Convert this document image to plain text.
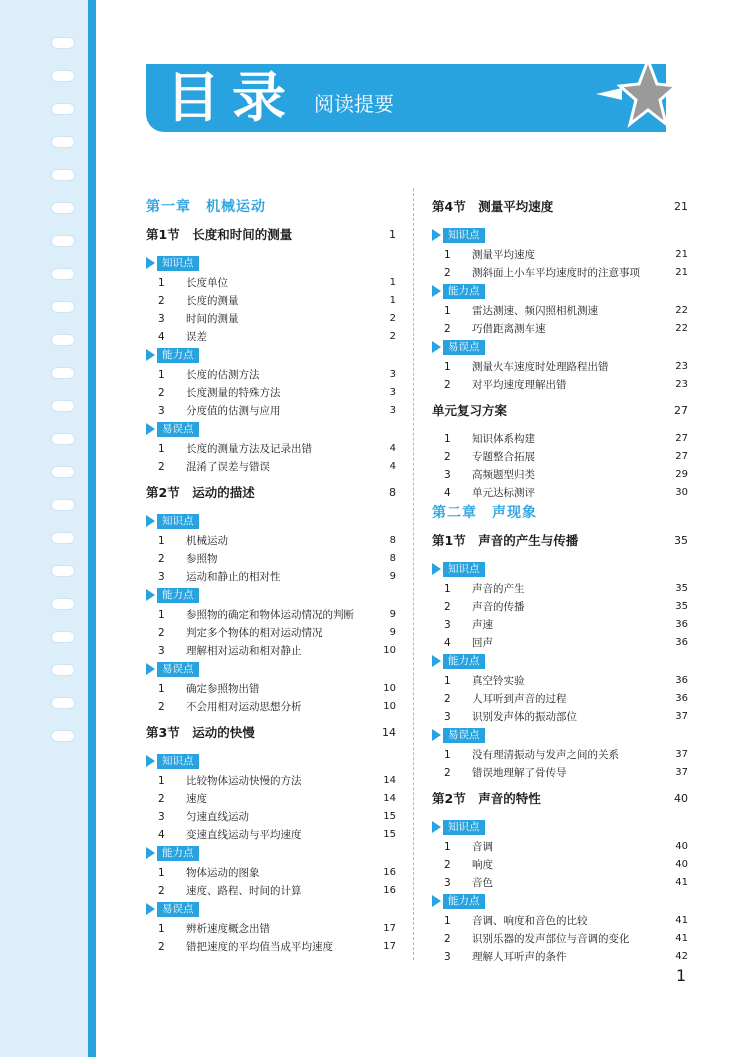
目录 阅读提要
第一章　机械运动
第1节　长度和时间的测量	1
知识点
1	长度单位	1
2	长度的测量	1
3	时间的测量	2
4	误差	2
能力点
1	长度的估测方法	3
2	长度测量的特殊方法	3
3	分度值的估测与应用	3
易误点
1	长度的测量方法及记录出错	4
2	混淆了误差与错误	4
第2节　运动的描述	8
知识点
1	机械运动	8
2	参照物	8
3	运动和静止的相对性	9
能力点
1	参照物的确定和物体运动情况的判断	9
2	判定多个物体的相对运动情况	9
3	理解相对运动和相对静止	10
易误点
1	确定参照物出错	10
2	不会用相对运动思想分析	10
第3节　运动的快慢	14
知识点
1	比较物体运动快慢的方法	14
2	速度	14
3	匀速直线运动	15
4	变速直线运动与平均速度	15
能力点
1	物体运动的图象	16
2	速度、路程、时间的计算	16
易误点
1	辨析速度概念出错	17
2	错把速度的平均值当成平均速度	17
第4节　测量平均速度	21
知识点
1	测量平均速度	21
2	测斜面上小车平均速度时的注意事项	21
能力点
1	雷达测速、频闪照相机测速	22
2	巧借距离测车速	22
易误点
1	测量火车速度时处理路程出错	23
2	对平均速度理解出错	23
单元复习方案	27
1	知识体系构建	27
2	专题整合拓展	27
3	高频题型归类	29
4	单元达标测评	30
第二章　声现象
第1节　声音的产生与传播	35
知识点
1	声音的产生	35
2	声音的传播	35
3	声速	36
4	回声	36
能力点
1	真空铃实验	36
2	人耳听到声音的过程	36
3	识别发声体的振动部位	37
易误点
1	没有理清振动与发声之间的关系	37
2	错误地理解了骨传导	37
第2节　声音的特性	40
知识点
1	音调	40
2	响度	40
3	音色	41
能力点
1	音调、响度和音色的比较	41
2	识别乐器的发声部位与音调的变化	41
3	理解人耳听声的条件	42
1
